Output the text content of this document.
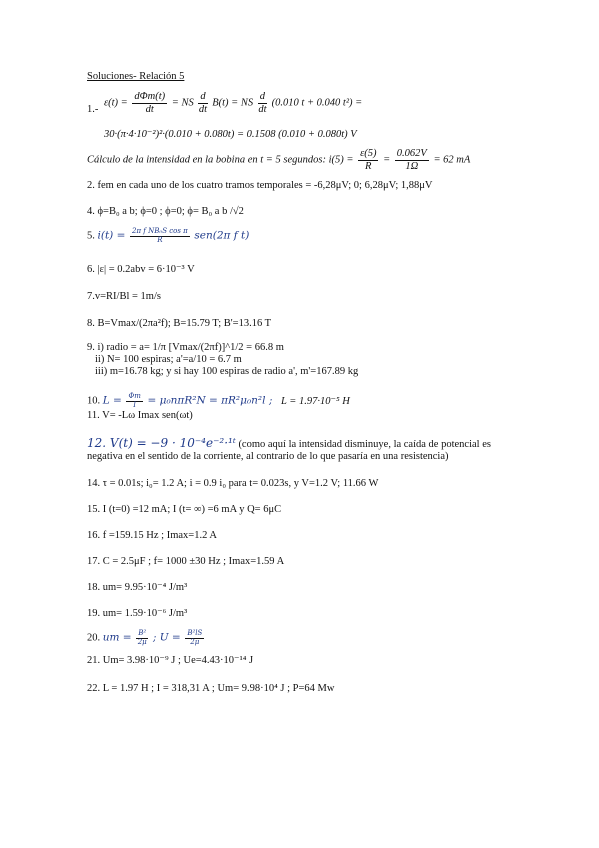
Soluciones- Relación 5
1.-
$\varepsilon(t) = \frac{\text{dΦm(t)}}{dt}$ = NS $\frac{d}{dt} B(t)$ = NS $\frac{d}{dt} (0.010$ t + 0.040 t²) =
30·(π·4·10⁻²)²·(0.010 + 0.080t) = 0.1508 (0.010 + 0.080t) V
Cálculo de la intensidad en la bobina en t = 5 segundos: $i(5) = \frac{\varepsilon(5)}{R} = \frac{0.062V}{1\Omega} = 62$ mA
2. fem en cada uno de los cuatro tramos temporales = -6,28μV; 0; 6,28μV; 1,88μV
4. ϕ=B₀ a b; ϕ=0 ; ϕ=0; ϕ= B₀ a b /√2
5. $i(t) = \frac{\text{2π f NB₀S cos π}}{R} sen(2\pi$ f t)
6. |ε| = 0.2abv = 6·10⁻³ V
7.v=RI/Bl = 1m/s
8. B=Vmax/(2πa²f); B=15.79 T; B'=13.16 T
9. i) radio = a= 1/π [Vmax/(2πf)]^1/2 = 66.8 m
ii) N= 100 espiras; a'=a/10 = 6.7 m
iii) m=16.78 kg; y si hay 100 espiras de radio a', m'=167.89 kg
10. $L = \frac{\Phi m}{I} = \mu_0n\pi R^2N = \pi R^2\mu_0n^2l$ ; L = 1.97·10⁻⁵ H
11. V= -Lω Imax sen(ωt)
12. V(t) = −9 · 10⁻⁴e⁻²·¹ᵗ (como aquí la intensidad disminuye, la caída de potencial es
negativa en el sentido de la corriente, al contrario de lo que pasaría en una resistencia)
14. τ = 0.01s; i₀= 1.2 A; i = 0.9 i₀ para t= 0.023s, y V=1.2 V; 11.66 W
15. I (t=0) =12 mA; I (t= ∞) =6 mA y Q= 6μC
16. f =159.15 Hz ; Imax=1.2 A
17. C = 2.5μF ; f= 1000 ±30 Hz ; Imax=1.59 A
18. um= 9.95·10⁻⁴ J/m³
19. um= 1.59·10⁻⁶ J/m³
20. um = $\frac{\text{B²}}{2\mu}$ ; $U = \frac{\text{B²lS}}{2\mu}$
21. Um= 3.98·10⁻⁹ J ; Ue=4.43·10⁻¹⁴ J
22. L = 1.97 H ; I = 318,31 A ; Um= 9.98·10⁴ J ; P=64 Mw
